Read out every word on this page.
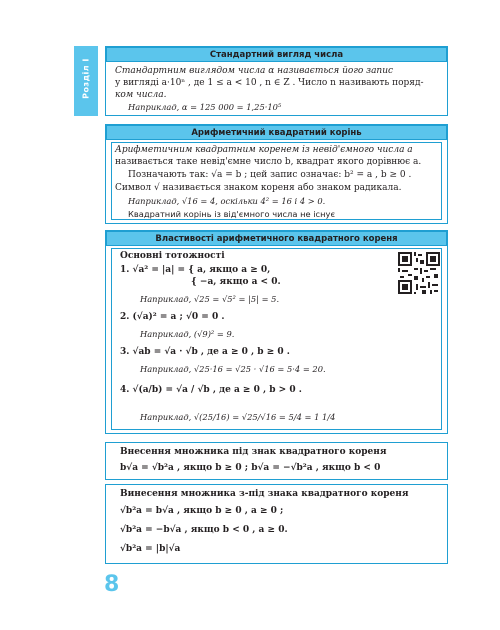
Розділ І
Стандартний вигляд числа
Стандартним виглядом числа α називається його запис
у вигляді a·10ⁿ , де 1 ≤ a < 10 , n ∈ Z . Число n називають поряд-
ком числа.
Наприклад, α = 125 000 = 1,25·10⁵
Арифметичний квадратний корінь
Арифметичним квадратним коренем із невід'ємного числа a
називається таке невід'ємне число b, квадрат якого дорівнює a.
Позначають так: √a = b ; цей запис означає: b² = a , b ≥ 0 .
Символ √ називається знаком кореня або знаком радикала.
Наприклад, √16 = 4, оскільки 4² = 16 і 4 > 0.
Квадратний корінь із від'ємного числа не існує
Властивості арифметичного квадратного кореня
Основні тотожності
1. √a² = |a| = { a, якщо a ≥ 0,
{ −a, якщо a < 0.
Наприклад, √25 = √5² = |5| = 5.
2. (√a)² = a ; √0 = 0 .
Наприклад, (√9)² = 9.
3. √ab = √a · √b , де a ≥ 0 , b ≥ 0 .
Наприклад, √25·16 = √25 · √16 = 5·4 = 20.
4. √(a/b) = √a / √b , де a ≥ 0 , b > 0 .
Наприклад, √(25/16) = √25/√16 = 5/4 = 1 1/4
Внесення множника під знак квадратного кореня
b√a = √b²a , якщо b ≥ 0 ; b√a = −√b²a , якщо b < 0
Винесення множника з-під знака квадратного кореня
√b²a = b√a , якщо b ≥ 0 , a ≥ 0 ;
√b²a = −b√a , якщо b < 0 , a ≥ 0.
√b²a = |b|√a
8
